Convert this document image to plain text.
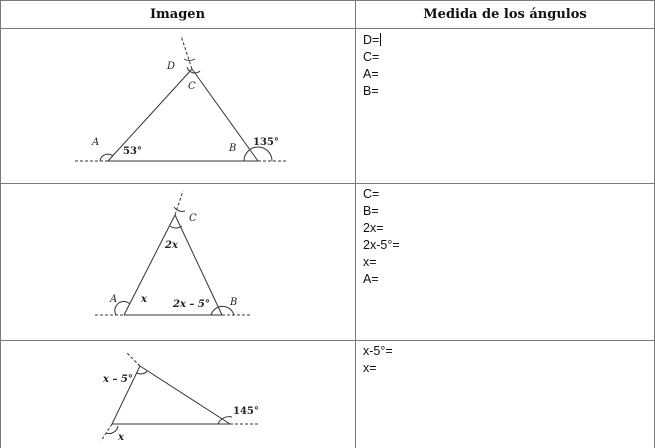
Imagen	Medida de los ángulos
D
C
A
B
53°
135°
D=
C=
A=
B=
C
2x
A x	2x – 5° B
C=
B=
2x=
2x-5°=
x=
A=
x – 5°
145°
x
x-5°=
x=
